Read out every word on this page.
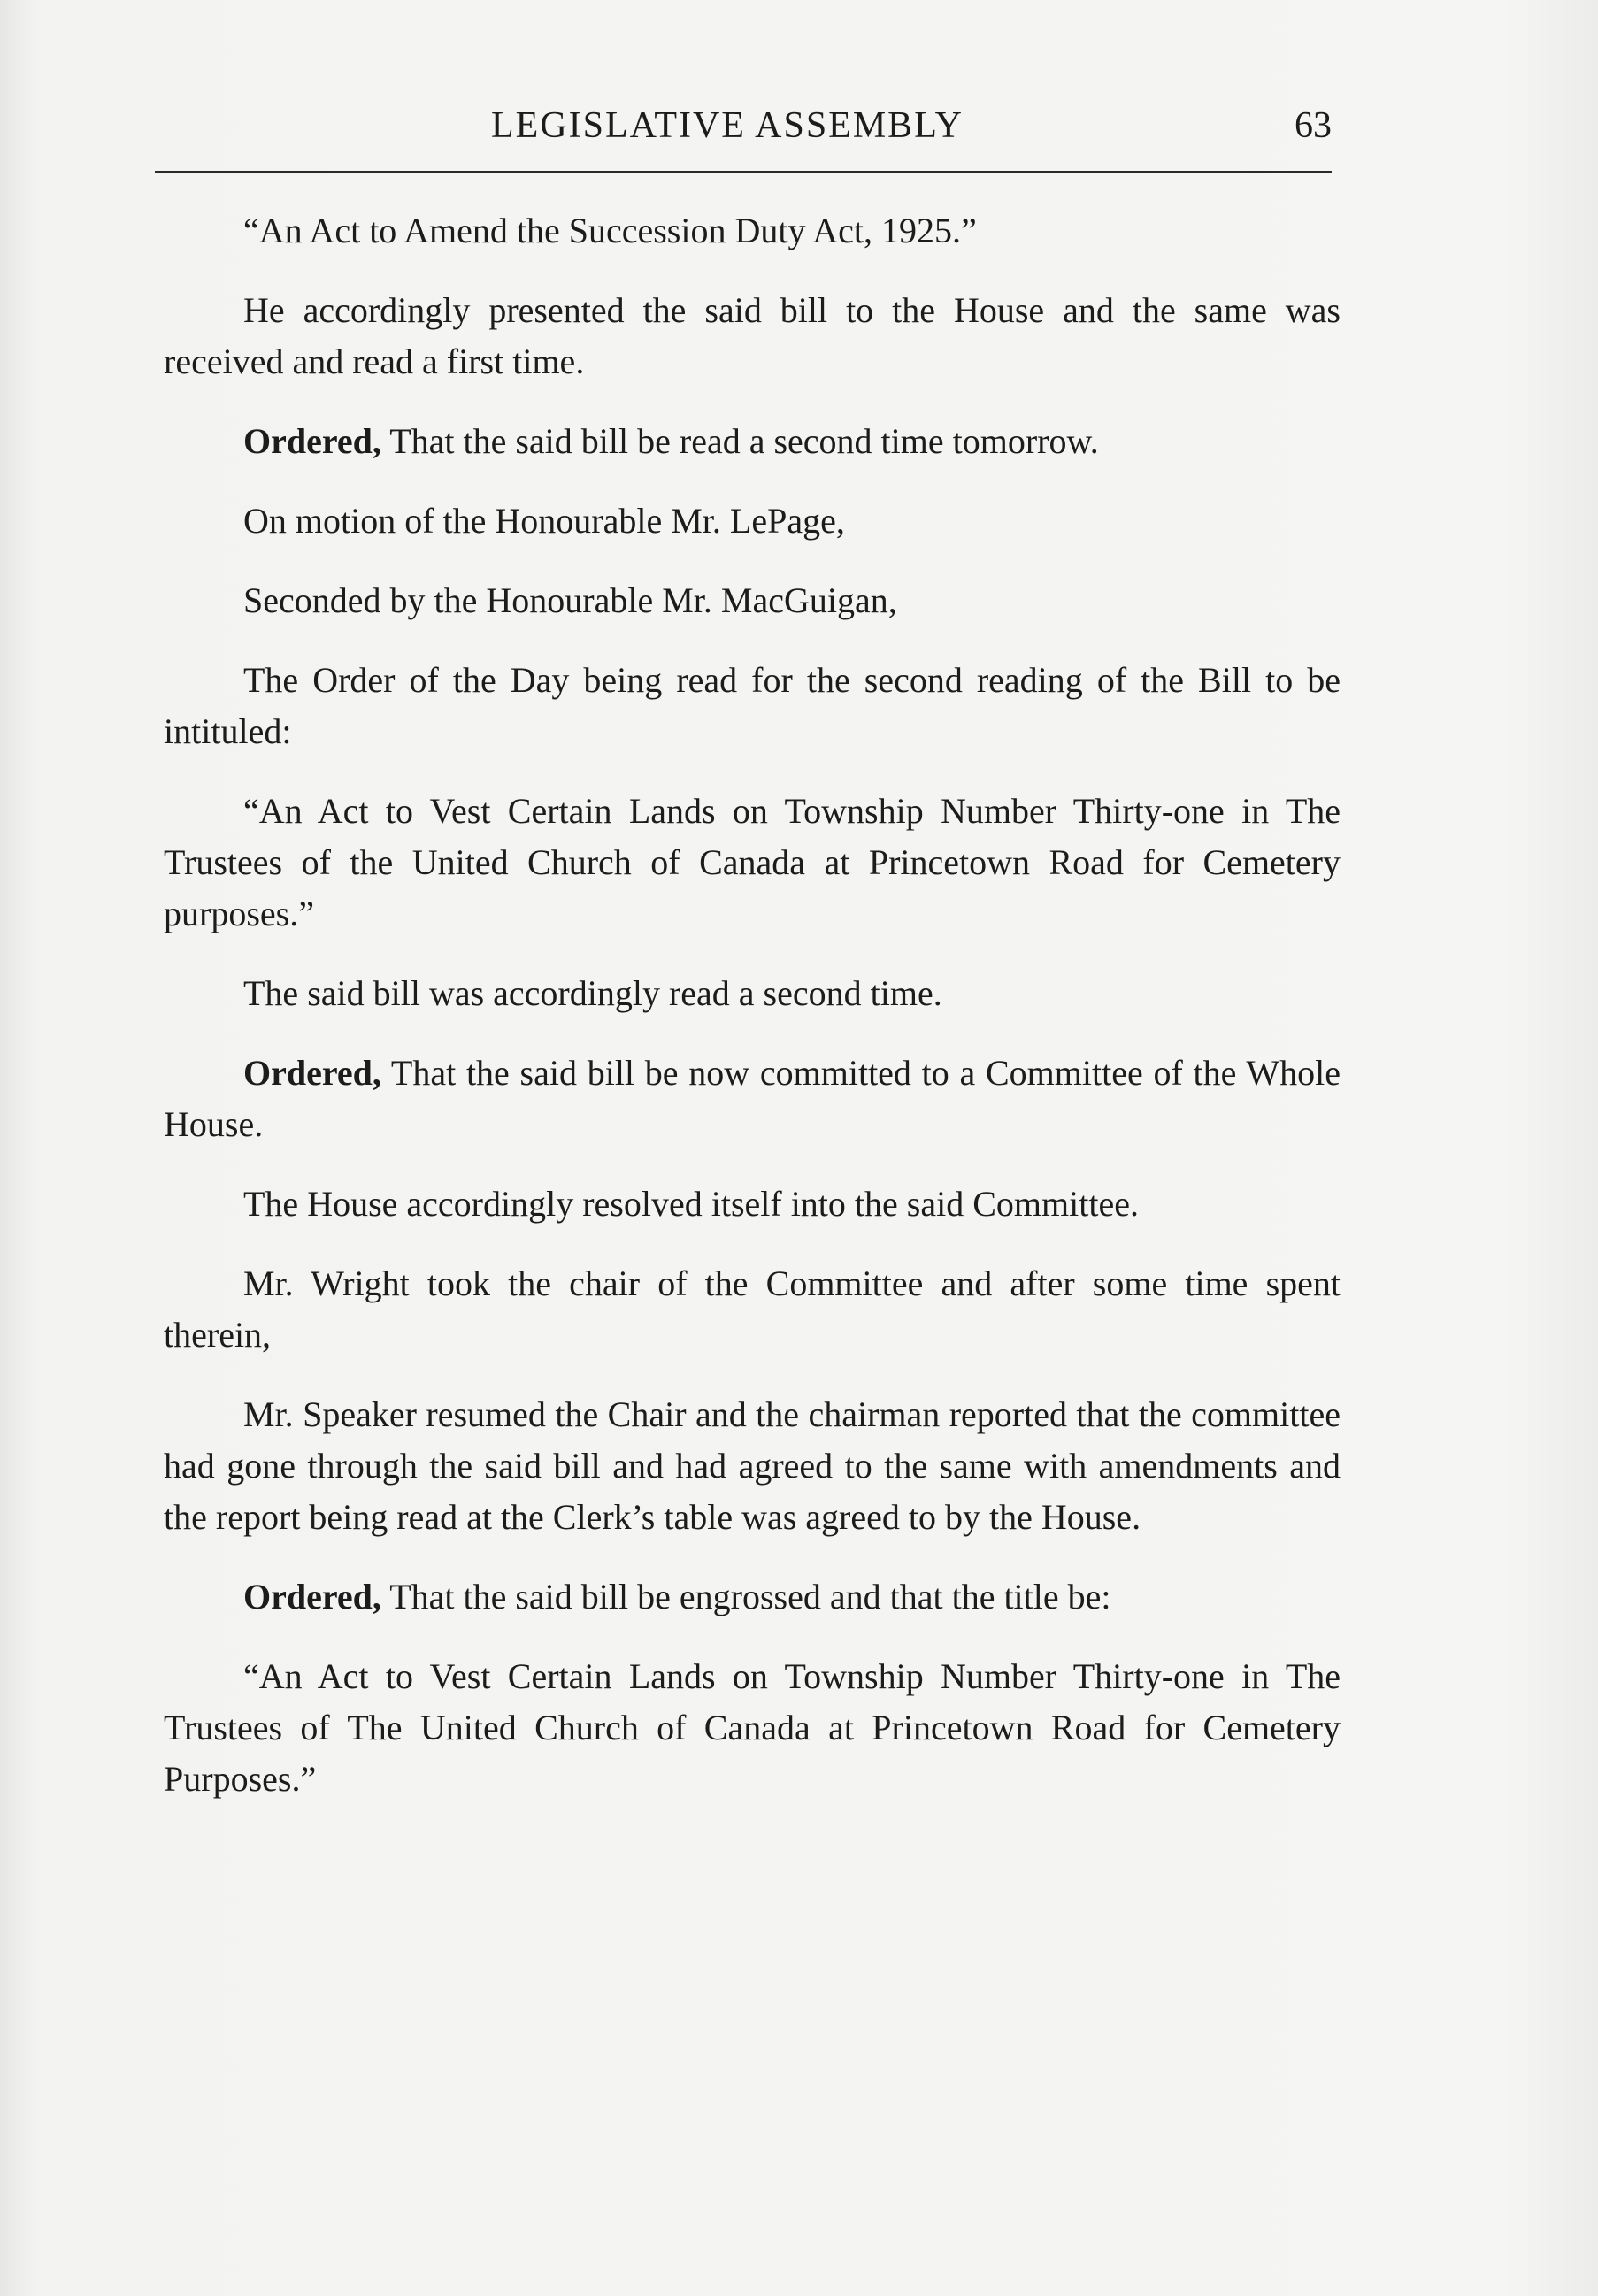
LEGISLATIVE ASSEMBLY	63

“An Act to Amend the Succession Duty Act, 1925.”

He accordingly presented the said bill to the House and the same was received and read a first time.

Ordered, That the said bill be read a second time tomorrow.

On motion of the Honourable Mr. LePage,

Seconded by the Honourable Mr. MacGuigan,

The Order of the Day being read for the second reading of the Bill to be intituled:

“An Act to Vest Certain Lands on Township Number Thirty-one in The Trustees of the United Church of Canada at Princetown Road for Cemetery purposes.”

The said bill was accordingly read a second time.

Ordered, That the said bill be now committed to a Committee of the Whole House.

The House accordingly resolved itself into the said Committee.

Mr. Wright took the chair of the Committee and after some time spent therein,

Mr. Speaker resumed the Chair and the chairman reported that the committee had gone through the said bill and had agreed to the same with amendments and the report being read at the Clerk’s table was agreed to by the House.

Ordered, That the said bill be engrossed and that the title be:

“An Act to Vest Certain Lands on Township Number Thirty-one in The Trustees of The United Church of Canada at Princetown Road for Cemetery Purposes.”
